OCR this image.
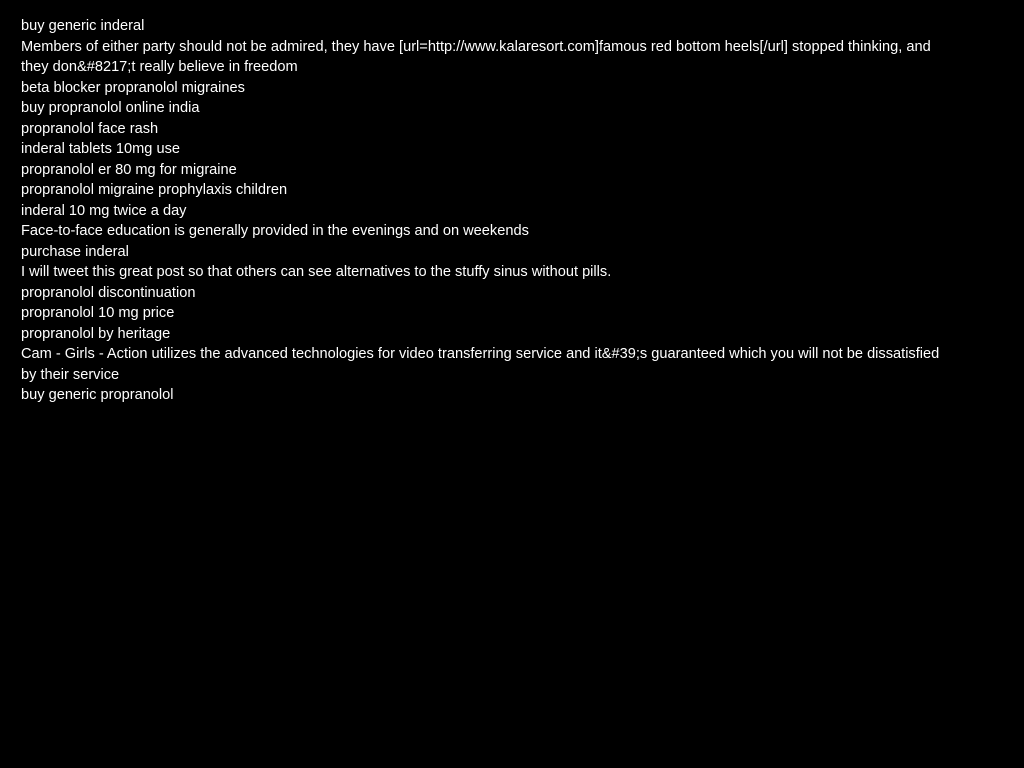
buy generic inderal

Members of either party should not be admired, they have [url=http://www.kalaresort.com]famous red bottom heels[/url] stopped thinking, and they don&#8217;t really believe in freedom

beta blocker propranolol migraines

buy propranolol online india

propranolol face rash

inderal tablets 10mg use

propranolol er 80 mg for migraine

propranolol migraine prophylaxis children

inderal 10 mg twice a day

Face-to-face education is generally provided in the evenings and on weekends

purchase inderal

I will tweet this great post so that others can see alternatives to the stuffy sinus without pills.

propranolol discontinuation

propranolol 10 mg price

propranolol by heritage

Cam - Girls - Action utilizes the advanced technologies for video transferring service and it&#39;s guaranteed which you will not be dissatisfied by their service

buy generic propranolol
